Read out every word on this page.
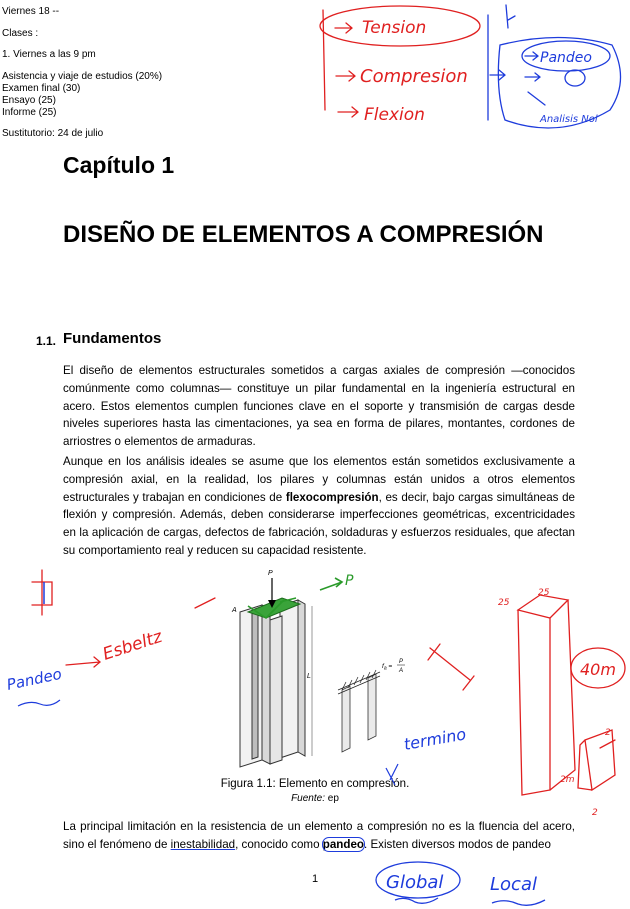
Viernes 18 --
Clases :
1. Viernes a las 9 pm
Asistencia y viaje de estudios (20%)
Examen final (30)
Ensayo (25)
Informe (25)
Sustitutorio: 24 de julio
Capítulo 1
DISEÑO DE ELEMENTOS A COMPRESIÓN
1.1. Fundamentos
El diseño de elementos estructurales sometidos a cargas axiales de compresión —conocidos comúnmente como columnas— constituye un pilar fundamental en la ingeniería estructural en acero. Estos elementos cumplen funciones clave en el soporte y transmisión de cargas desde niveles superiores hasta las cimentaciones, ya sea en forma de pilares, montantes, cordones de arriostres o elementos de armaduras.
Aunque en los análisis ideales se asume que los elementos están sometidos exclusivamente a compresión axial, en la realidad, los pilares y columnas están unidos a otros elementos estructurales y trabajan en condiciones de flexocompresión, es decir, bajo cargas simultáneas de flexión y compresión. Además, deben considerarse imperfecciones geométricas, excentricidades en la aplicación de cargas, defectos de fabricación, soldaduras y esfuerzos residuales, que afectan su comportamiento real y reducen su capacidad resistente.
P
A
L
$f_a$ =
P
A
Figura 1.1: Elemento en compresión.
Fuente: ep
La principal limitación en la resistencia de un elemento a compresión no es la fluencia del acero, sino el fenómeno de inestabilidad, conocido como pandeo. Existen diversos modos de pandeo
1
Tension
Compresion
Flexion
Pandeo
Analisis Nol
Esbeltz
Pandeo
P
termino
25
25
40m
2
2m
2
Global	Local
